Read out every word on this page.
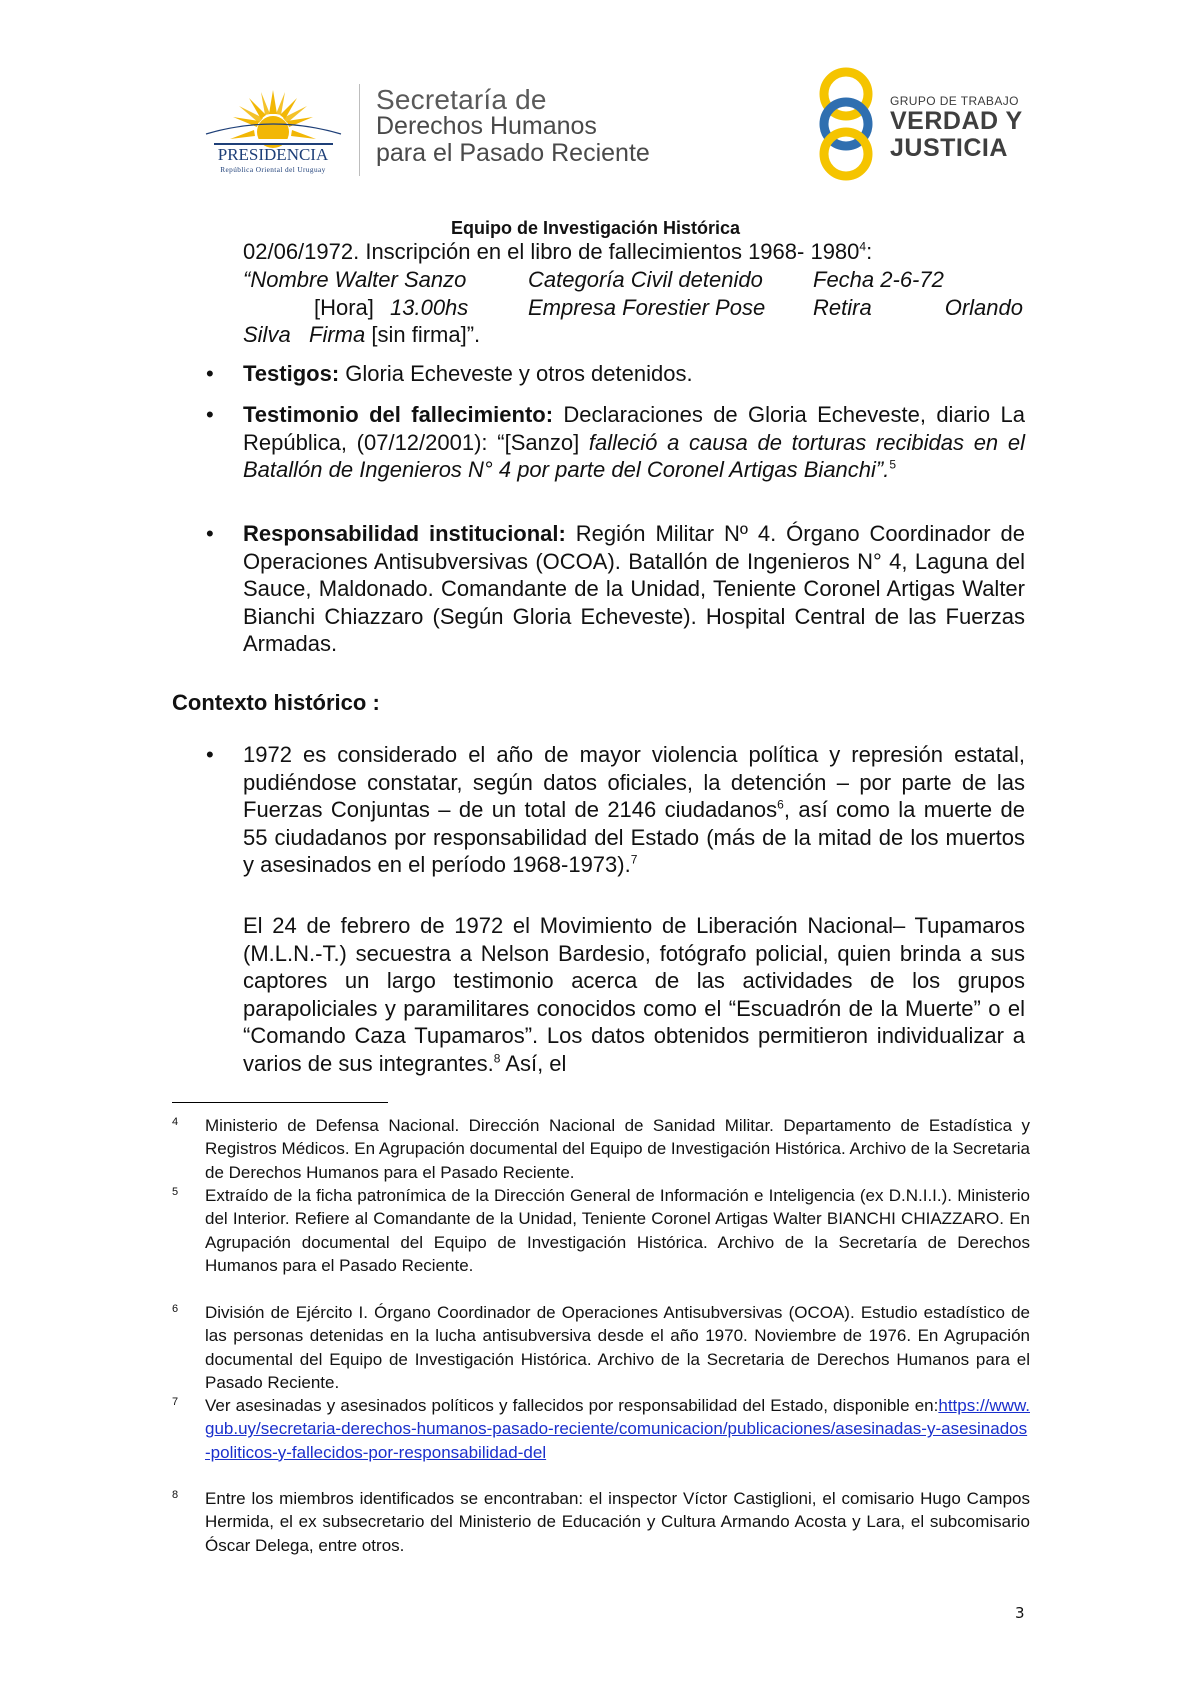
PRESIDENCIA
República Oriental del Uruguay
Secretaría de
Derechos Humanos
para el Pasado Reciente
GRUPO DE TRABAJO
VERDAD Y
JUSTICIA
Equipo de Investigación Histórica
02/06/1972. Inscripción en el libro de fallecimientos 1968- 1980$^4$:
“Nombre Walter Sanzo	Categoría Civil detenido Fecha 2-6-72
[Hora] 13.00hs	Empresa Forestier Pose Retira	Orlando
Silva Firma [sin firma]”.
• Testigos: Gloria Echeveste y otros detenidos.
• Testimonio del fallecimiento: Declaraciones de Gloria Echeveste, diario La República, (07/12/2001): “[Sanzo] falleció a causa de torturas recibidas en el Batallón de Ingenieros N° 4 por parte del Coronel Artigas Bianchi”.$^5$
• Responsabilidad institucional: Región Militar Nº 4. Órgano Coordinador de Operaciones Antisubversivas (OCOA). Batallón de Ingenieros N° 4, Laguna del Sauce, Maldonado. Comandante de la Unidad, Teniente Coronel Artigas Walter Bianchi Chiazzaro (Según Gloria Echeveste). Hospital Central de las Fuerzas Armadas.
Contexto histórico :
• 1972 es considerado el año de mayor violencia política y represión estatal, pudiéndose constatar, según datos oficiales, la detención – por parte de las Fuerzas Conjuntas – de un total de 2146 ciudadanos$^6$, así como la muerte de 55 ciudadanos por responsabilidad del Estado (más de la mitad de los muertos y asesinados en el período 1968-1973).$^7$
El 24 de febrero de 1972 el Movimiento de Liberación Nacional– Tupamaros (M.L.N.-T.) secuestra a Nelson Bardesio, fotógrafo policial, quien brinda a sus captores un largo testimonio acerca de las actividades de los grupos parapoliciales y paramilitares conocidos como el “Escuadrón de la Muerte” o el “Comando Caza Tupamaros”. Los datos obtenidos permitieron individualizar a varios de sus integrantes.$^8$ Así, el
4 Ministerio de Defensa Nacional. Dirección Nacional de Sanidad Militar. Departamento de Estadística y Registros Médicos. En Agrupación documental del Equipo de Investigación Histórica. Archivo de la Secretaria de Derechos Humanos para el Pasado Reciente.
5 Extraído de la ficha patronímica de la Dirección General de Información e Inteligencia (ex D.N.I.I.). Ministerio del Interior. Refiere al Comandante de la Unidad, Teniente Coronel Artigas Walter BIANCHI CHIAZZARO. En Agrupación documental del Equipo de Investigación Histórica. Archivo de la Secretaría de Derechos Humanos para el Pasado Reciente.
6 División de Ejército I. Órgano Coordinador de Operaciones Antisubversivas (OCOA). Estudio estadístico de las personas detenidas en la lucha antisubversiva desde el año 1970. Noviembre de 1976. En Agrupación documental del Equipo de Investigación Histórica. Archivo de la Secretaria de Derechos Humanos para el Pasado Reciente.
7 Ver asesinadas y asesinados políticos y fallecidos por responsabilidad del Estado, disponible en:https://www.gub.uy/secretaria-derechos-humanos-pasado-reciente/comunicacion/publicaciones/asesinadas-y-asesinados-politicos-y-fallecidos-por-responsabilidad-del
8 Entre los miembros identificados se encontraban: el inspector Víctor Castiglioni, el comisario Hugo Campos Hermida, el ex subsecretario del Ministerio de Educación y Cultura Armando Acosta y Lara, el subcomisario Óscar Delega, entre otros.
3
